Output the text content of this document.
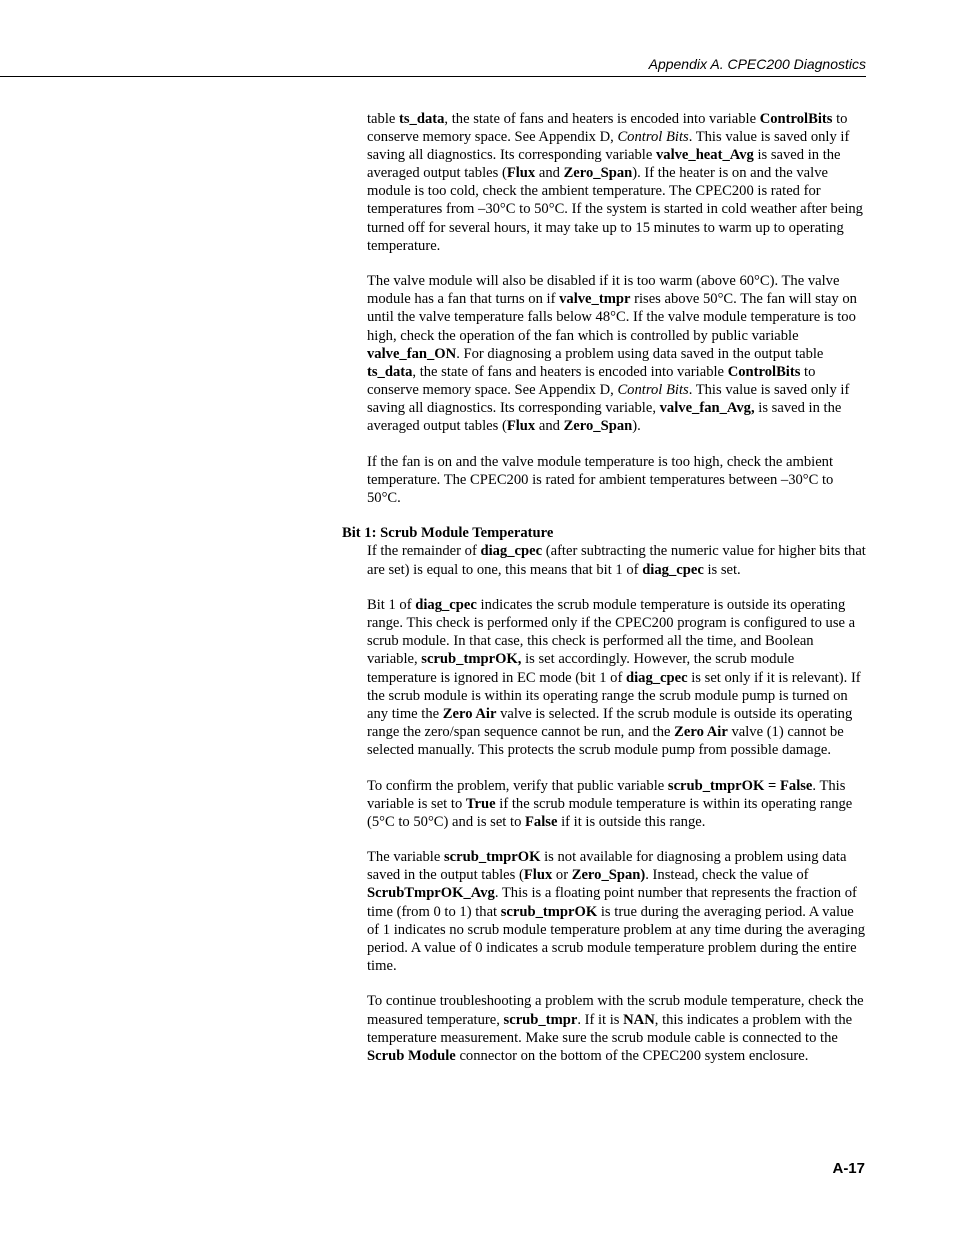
Appendix A. CPEC200 Diagnostics

table ts_data, the state of fans and heaters is encoded into variable ControlBits to conserve memory space. See Appendix D, Control Bits. This value is saved only if saving all diagnostics. Its corresponding variable valve_heat_Avg is saved in the averaged output tables (Flux and Zero_Span). If the heater is on and the valve module is too cold, check the ambient temperature. The CPEC200 is rated for temperatures from –30°C to 50°C. If the system is started in cold weather after being turned off for several hours, it may take up to 15 minutes to warm up to operating temperature.

The valve module will also be disabled if it is too warm (above 60°C). The valve module has a fan that turns on if valve_tmpr rises above 50°C. The fan will stay on until the valve temperature falls below 48°C. If the valve module temperature is too high, check the operation of the fan which is controlled by public variable valve_fan_ON. For diagnosing a problem using data saved in the output table ts_data, the state of fans and heaters is encoded into variable ControlBits to conserve memory space. See Appendix D, Control Bits. This value is saved only if saving all diagnostics. Its corresponding variable, valve_fan_Avg, is saved in the averaged output tables (Flux and Zero_Span).

If the fan is on and the valve module temperature is too high, check the ambient temperature. The CPEC200 is rated for ambient temperatures between –30°C to 50°C.

Bit 1: Scrub Module Temperature

If the remainder of diag_cpec (after subtracting the numeric value for higher bits that are set) is equal to one, this means that bit 1 of diag_cpec is set.

Bit 1 of diag_cpec indicates the scrub module temperature is outside its operating range. This check is performed only if the CPEC200 program is configured to use a scrub module. In that case, this check is performed all the time, and Boolean variable, scrub_tmprOK, is set accordingly. However, the scrub module temperature is ignored in EC mode (bit 1 of diag_cpec is set only if it is relevant). If the scrub module is within its operating range the scrub module pump is turned on any time the Zero Air valve is selected. If the scrub module is outside its operating range the zero/span sequence cannot be run, and the Zero Air valve (1) cannot be selected manually. This protects the scrub module pump from possible damage.

To confirm the problem, verify that public variable scrub_tmprOK = False. This variable is set to True if the scrub module temperature is within its operating range (5°C to 50°C) and is set to False if it is outside this range.

The variable scrub_tmprOK is not available for diagnosing a problem using data saved in the output tables (Flux or Zero_Span). Instead, check the value of ScrubTmprOK_Avg. This is a floating point number that represents the fraction of time (from 0 to 1) that scrub_tmprOK is true during the averaging period. A value of 1 indicates no scrub module temperature problem at any time during the averaging period. A value of 0 indicates a scrub module temperature problem during the entire time.

To continue troubleshooting a problem with the scrub module temperature, check the measured temperature, scrub_tmpr. If it is NAN, this indicates a problem with the temperature measurement. Make sure the scrub module cable is connected to the Scrub Module connector on the bottom of the CPEC200 system enclosure.

A-17
